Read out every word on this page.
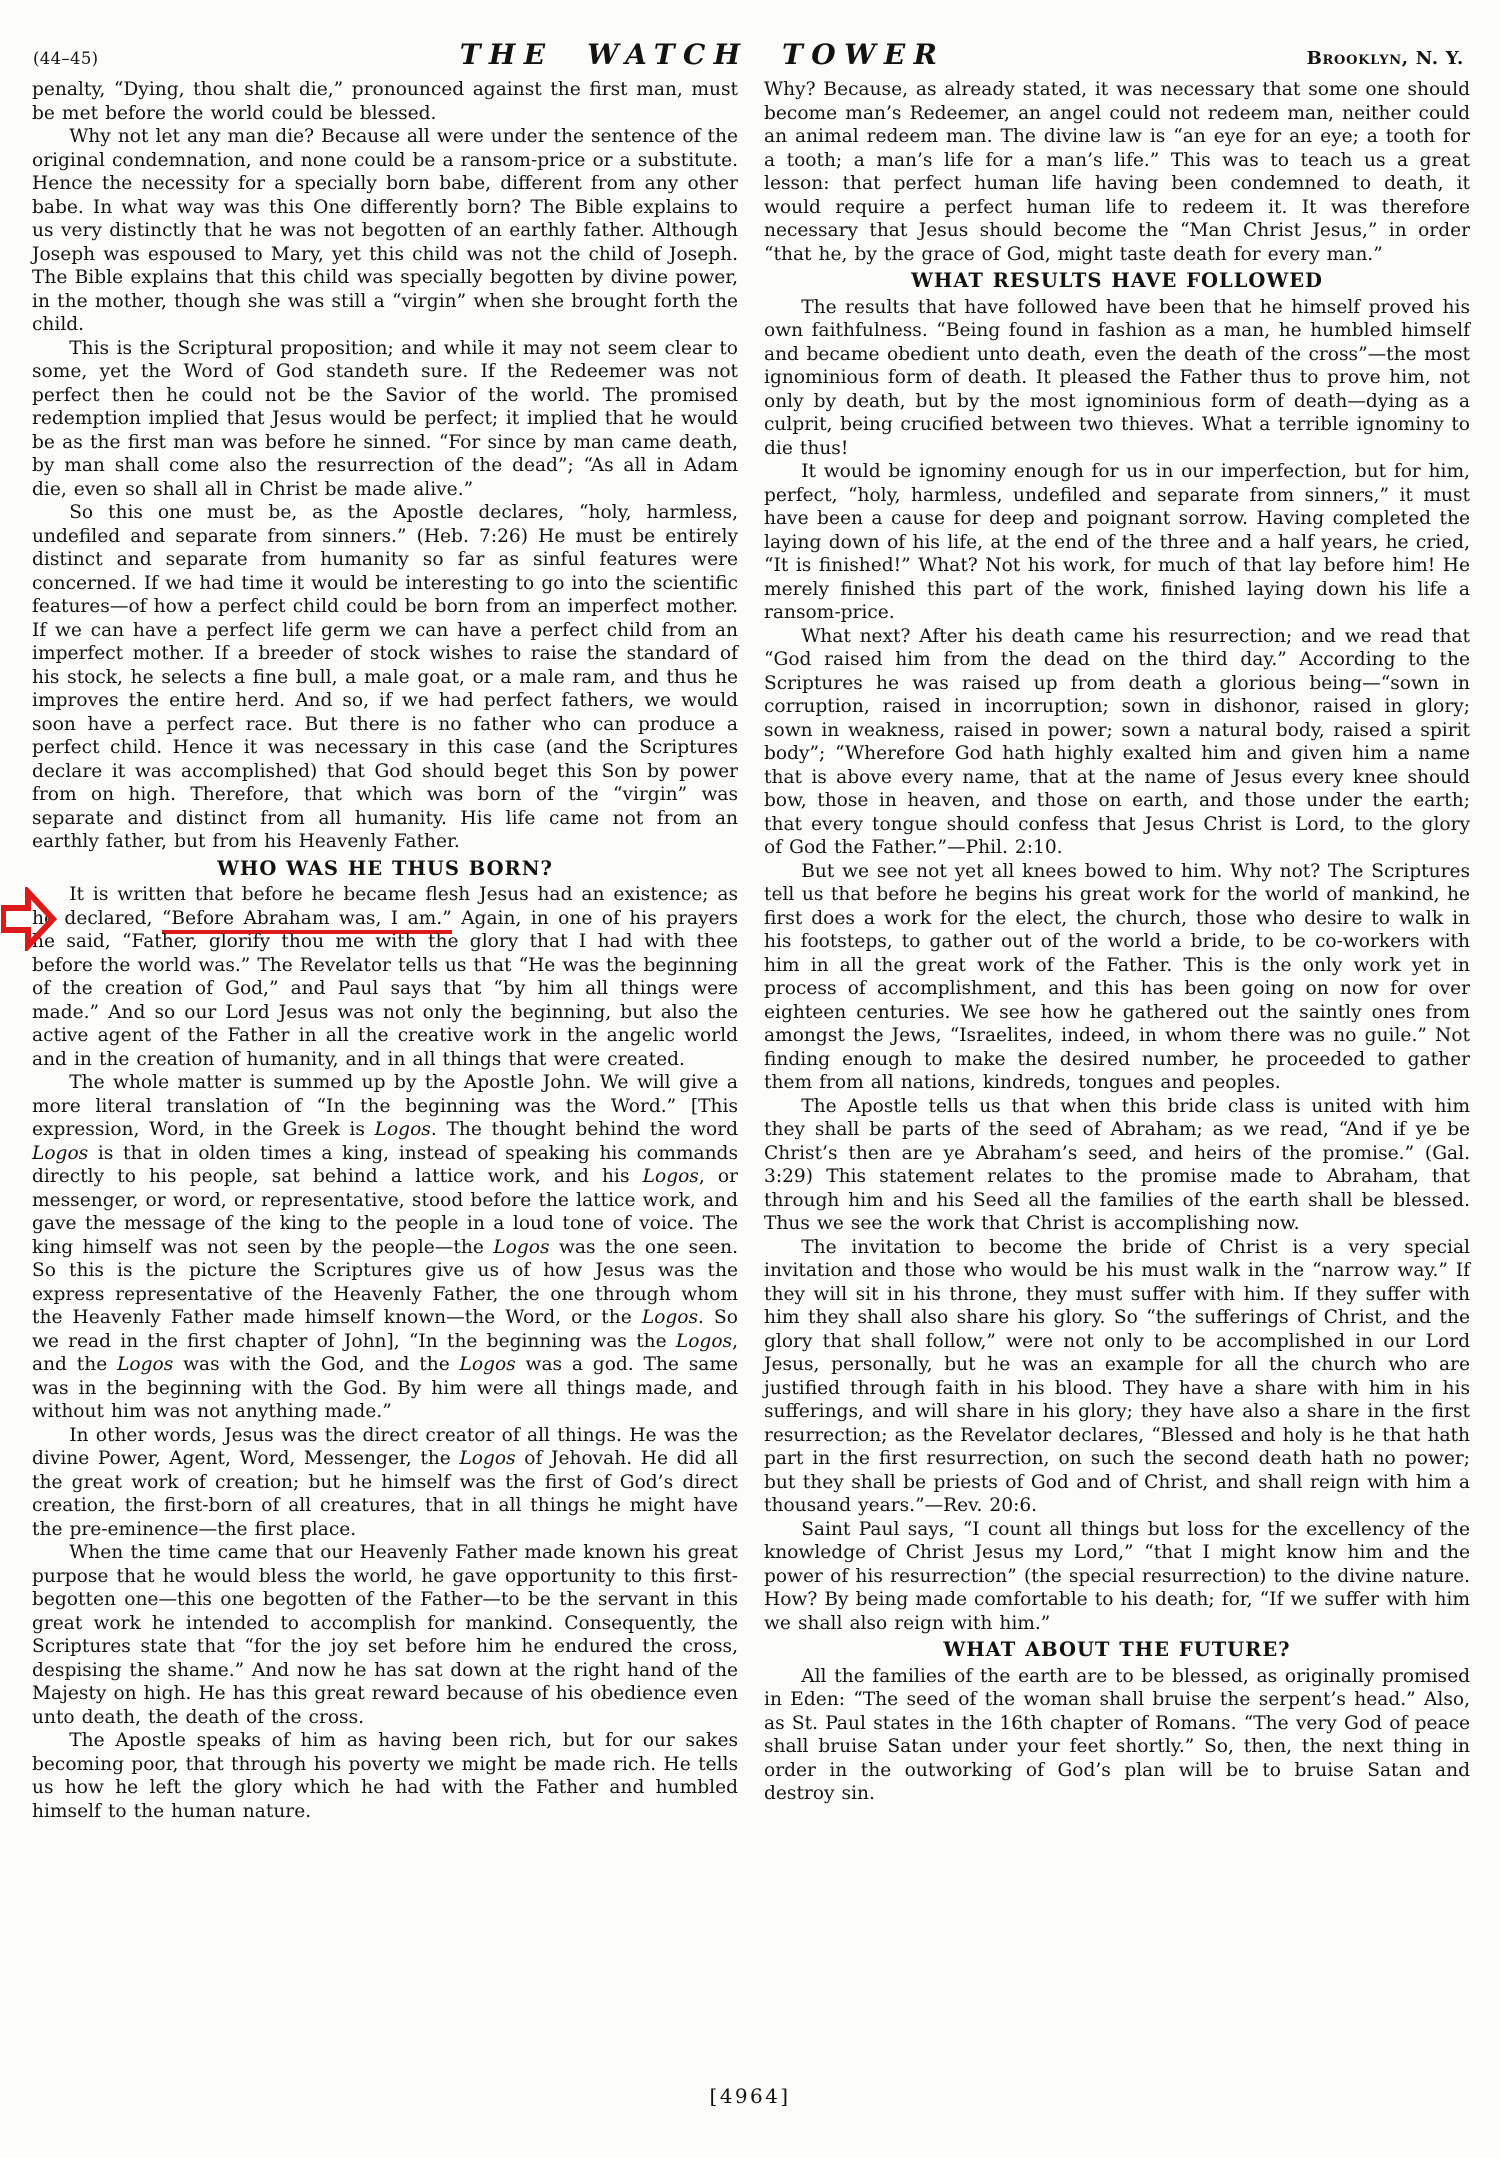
(44–45)	THE WATCH TOWER	Brooklyn, N. Y.

penalty, “Dying, thou shalt die,” pronounced against the first man, must be met before the world could be blessed.

Why not let any man die? Because all were under the sentence of the original condemnation, and none could be a ransom-price or a substitute. Hence the necessity for a specially born babe, different from any other babe. In what way was this One differently born? The Bible explains to us very distinctly that he was not begotten of an earthly father. Although Joseph was espoused to Mary, yet this child was not the child of Joseph. The Bible explains that this child was specially begotten by divine power, in the mother, though she was still a “virgin” when she brought forth the child.

This is the Scriptural proposition; and while it may not seem clear to some, yet the Word of God standeth sure. If the Redeemer was not perfect then he could not be the Savior of the world. The promised redemption implied that Jesus would be perfect; it implied that he would be as the first man was before he sinned. “For since by man came death, by man shall come also the resurrection of the dead”; “As all in Adam die, even so shall all in Christ be made alive.”

So this one must be, as the Apostle declares, “holy, harmless, undefiled and separate from sinners.” (Heb. 7:26) He must be entirely distinct and separate from humanity so far as sinful features were concerned. If we had time it would be interesting to go into the scientific features—of how a perfect child could be born from an imperfect mother. If we can have a perfect life germ we can have a perfect child from an imperfect mother. If a breeder of stock wishes to raise the standard of his stock, he selects a fine bull, a male goat, or a male ram, and thus he improves the entire herd. And so, if we had perfect fathers, we would soon have a perfect race. But there is no father who can produce a perfect child. Hence it was necessary in this case (and the Scriptures declare it was accomplished) that God should beget this Son by power from on high. Therefore, that which was born of the “virgin” was separate and distinct from all humanity. His life came not from an earthly father, but from his Heavenly Father.

WHO WAS HE THUS BORN?

It is written that before he became flesh Jesus had an existence; as he declared, “Before Abraham was, I am.” Again, in one of his prayers he said, “Father, glorify thou me with the glory that I had with thee before the world was.” The Revelator tells us that “He was the beginning of the creation of God,” and Paul says that “by him all things were made.” And so our Lord Jesus was not only the beginning, but also the active agent of the Father in all the creative work in the angelic world and in the creation of humanity, and in all things that were created.

The whole matter is summed up by the Apostle John. We will give a more literal translation of “In the beginning was the Word.” [This expression, Word, in the Greek is Logos. The thought behind the word Logos is that in olden times a king, instead of speaking his commands directly to his people, sat behind a lattice work, and his Logos, or messenger, or word, or representative, stood before the lattice work, and gave the message of the king to the people in a loud tone of voice. The king himself was not seen by the people—the Logos was the one seen. So this is the picture the Scriptures give us of how Jesus was the express representative of the Heavenly Father, the one through whom the Heavenly Father made himself known—the Word, or the Logos. So we read in the first chapter of John], “In the beginning was the Logos, and the Logos was with the God, and the Logos was a god. The same was in the beginning with the God. By him were all things made, and without him was not anything made.”

In other words, Jesus was the direct creator of all things. He was the divine Power, Agent, Word, Messenger, the Logos of Jehovah. He did all the great work of creation; but he himself was the first of God’s direct creation, the first-born of all creatures, that in all things he might have the pre-eminence—the first place.

When the time came that our Heavenly Father made known his great purpose that he would bless the world, he gave opportunity to this first-begotten one—this one begotten of the Father—to be the servant in this great work he intended to accomplish for mankind. Consequently, the Scriptures state that “for the joy set before him he endured the cross, despising the shame.” And now he has sat down at the right hand of the Majesty on high. He has this great reward because of his obedience even unto death, the death of the cross.

The Apostle speaks of him as having been rich, but for our sakes becoming poor, that through his poverty we might be made rich. He tells us how he left the glory which he had with the Father and humbled himself to the human nature.

Why? Because, as already stated, it was necessary that some one should become man’s Redeemer, an angel could not redeem man, neither could an animal redeem man. The divine law is “an eye for an eye; a tooth for a tooth; a man’s life for a man’s life.” This was to teach us a great lesson: that perfect human life having been condemned to death, it would require a perfect human life to redeem it. It was therefore necessary that Jesus should become the “Man Christ Jesus,” in order “that he, by the grace of God, might taste death for every man.”

WHAT RESULTS HAVE FOLLOWED

The results that have followed have been that he himself proved his own faithfulness. “Being found in fashion as a man, he humbled himself and became obedient unto death, even the death of the cross”—the most ignominious form of death. It pleased the Father thus to prove him, not only by death, but by the most ignominious form of death—dying as a culprit, being crucified between two thieves. What a terrible ignominy to die thus!

It would be ignominy enough for us in our imperfection, but for him, perfect, “holy, harmless, undefiled and separate from sinners,” it must have been a cause for deep and poignant sorrow. Having completed the laying down of his life, at the end of the three and a half years, he cried, “It is finished!” What? Not his work, for much of that lay before him! He merely finished this part of the work, finished laying down his life a ransom-price.

What next? After his death came his resurrection; and we read that “God raised him from the dead on the third day.” According to the Scriptures he was raised up from death a glorious being—“sown in corruption, raised in incorruption; sown in dishonor, raised in glory; sown in weakness, raised in power; sown a natural body, raised a spirit body”; “Wherefore God hath highly exalted him and given him a name that is above every name, that at the name of Jesus every knee should bow, those in heaven, and those on earth, and those under the earth; that every tongue should confess that Jesus Christ is Lord, to the glory of God the Father.”—Phil. 2:10.

But we see not yet all knees bowed to him. Why not? The Scriptures tell us that before he begins his great work for the world of mankind, he first does a work for the elect, the church, those who desire to walk in his footsteps, to gather out of the world a bride, to be co-workers with him in all the great work of the Father. This is the only work yet in process of accomplishment, and this has been going on now for over eighteen centuries. We see how he gathered out the saintly ones from amongst the Jews, “Israelites, indeed, in whom there was no guile.” Not finding enough to make the desired number, he proceeded to gather them from all nations, kindreds, tongues and peoples.

The Apostle tells us that when this bride class is united with him they shall be parts of the seed of Abraham; as we read, “And if ye be Christ’s then are ye Abraham’s seed, and heirs of the promise.” (Gal. 3:29) This statement relates to the promise made to Abraham, that through him and his Seed all the families of the earth shall be blessed. Thus we see the work that Christ is accomplishing now.

The invitation to become the bride of Christ is a very special invitation and those who would be his must walk in the “narrow way.” If they will sit in his throne, they must suffer with him. If they suffer with him they shall also share his glory. So “the sufferings of Christ, and the glory that shall follow,” were not only to be accomplished in our Lord Jesus, personally, but he was an example for all the church who are justified through faith in his blood. They have a share with him in his sufferings, and will share in his glory; they have also a share in the first resurrection; as the Revelator declares, “Blessed and holy is he that hath part in the first resurrection, on such the second death hath no power; but they shall be priests of God and of Christ, and shall reign with him a thousand years.”—Rev. 20:6.

Saint Paul says, “I count all things but loss for the excellency of the knowledge of Christ Jesus my Lord,” “that I might know him and the power of his resurrection” (the special resurrection) to the divine nature. How? By being made comfortable to his death; for, “If we suffer with him we shall also reign with him.”

WHAT ABOUT THE FUTURE?

All the families of the earth are to be blessed, as originally promised in Eden: “The seed of the woman shall bruise the serpent’s head.” Also, as St. Paul states in the 16th chapter of Romans. “The very God of peace shall bruise Satan under your feet shortly.” So, then, the next thing in order in the outworking of God’s plan will be to bruise Satan and destroy sin.

[4964]
